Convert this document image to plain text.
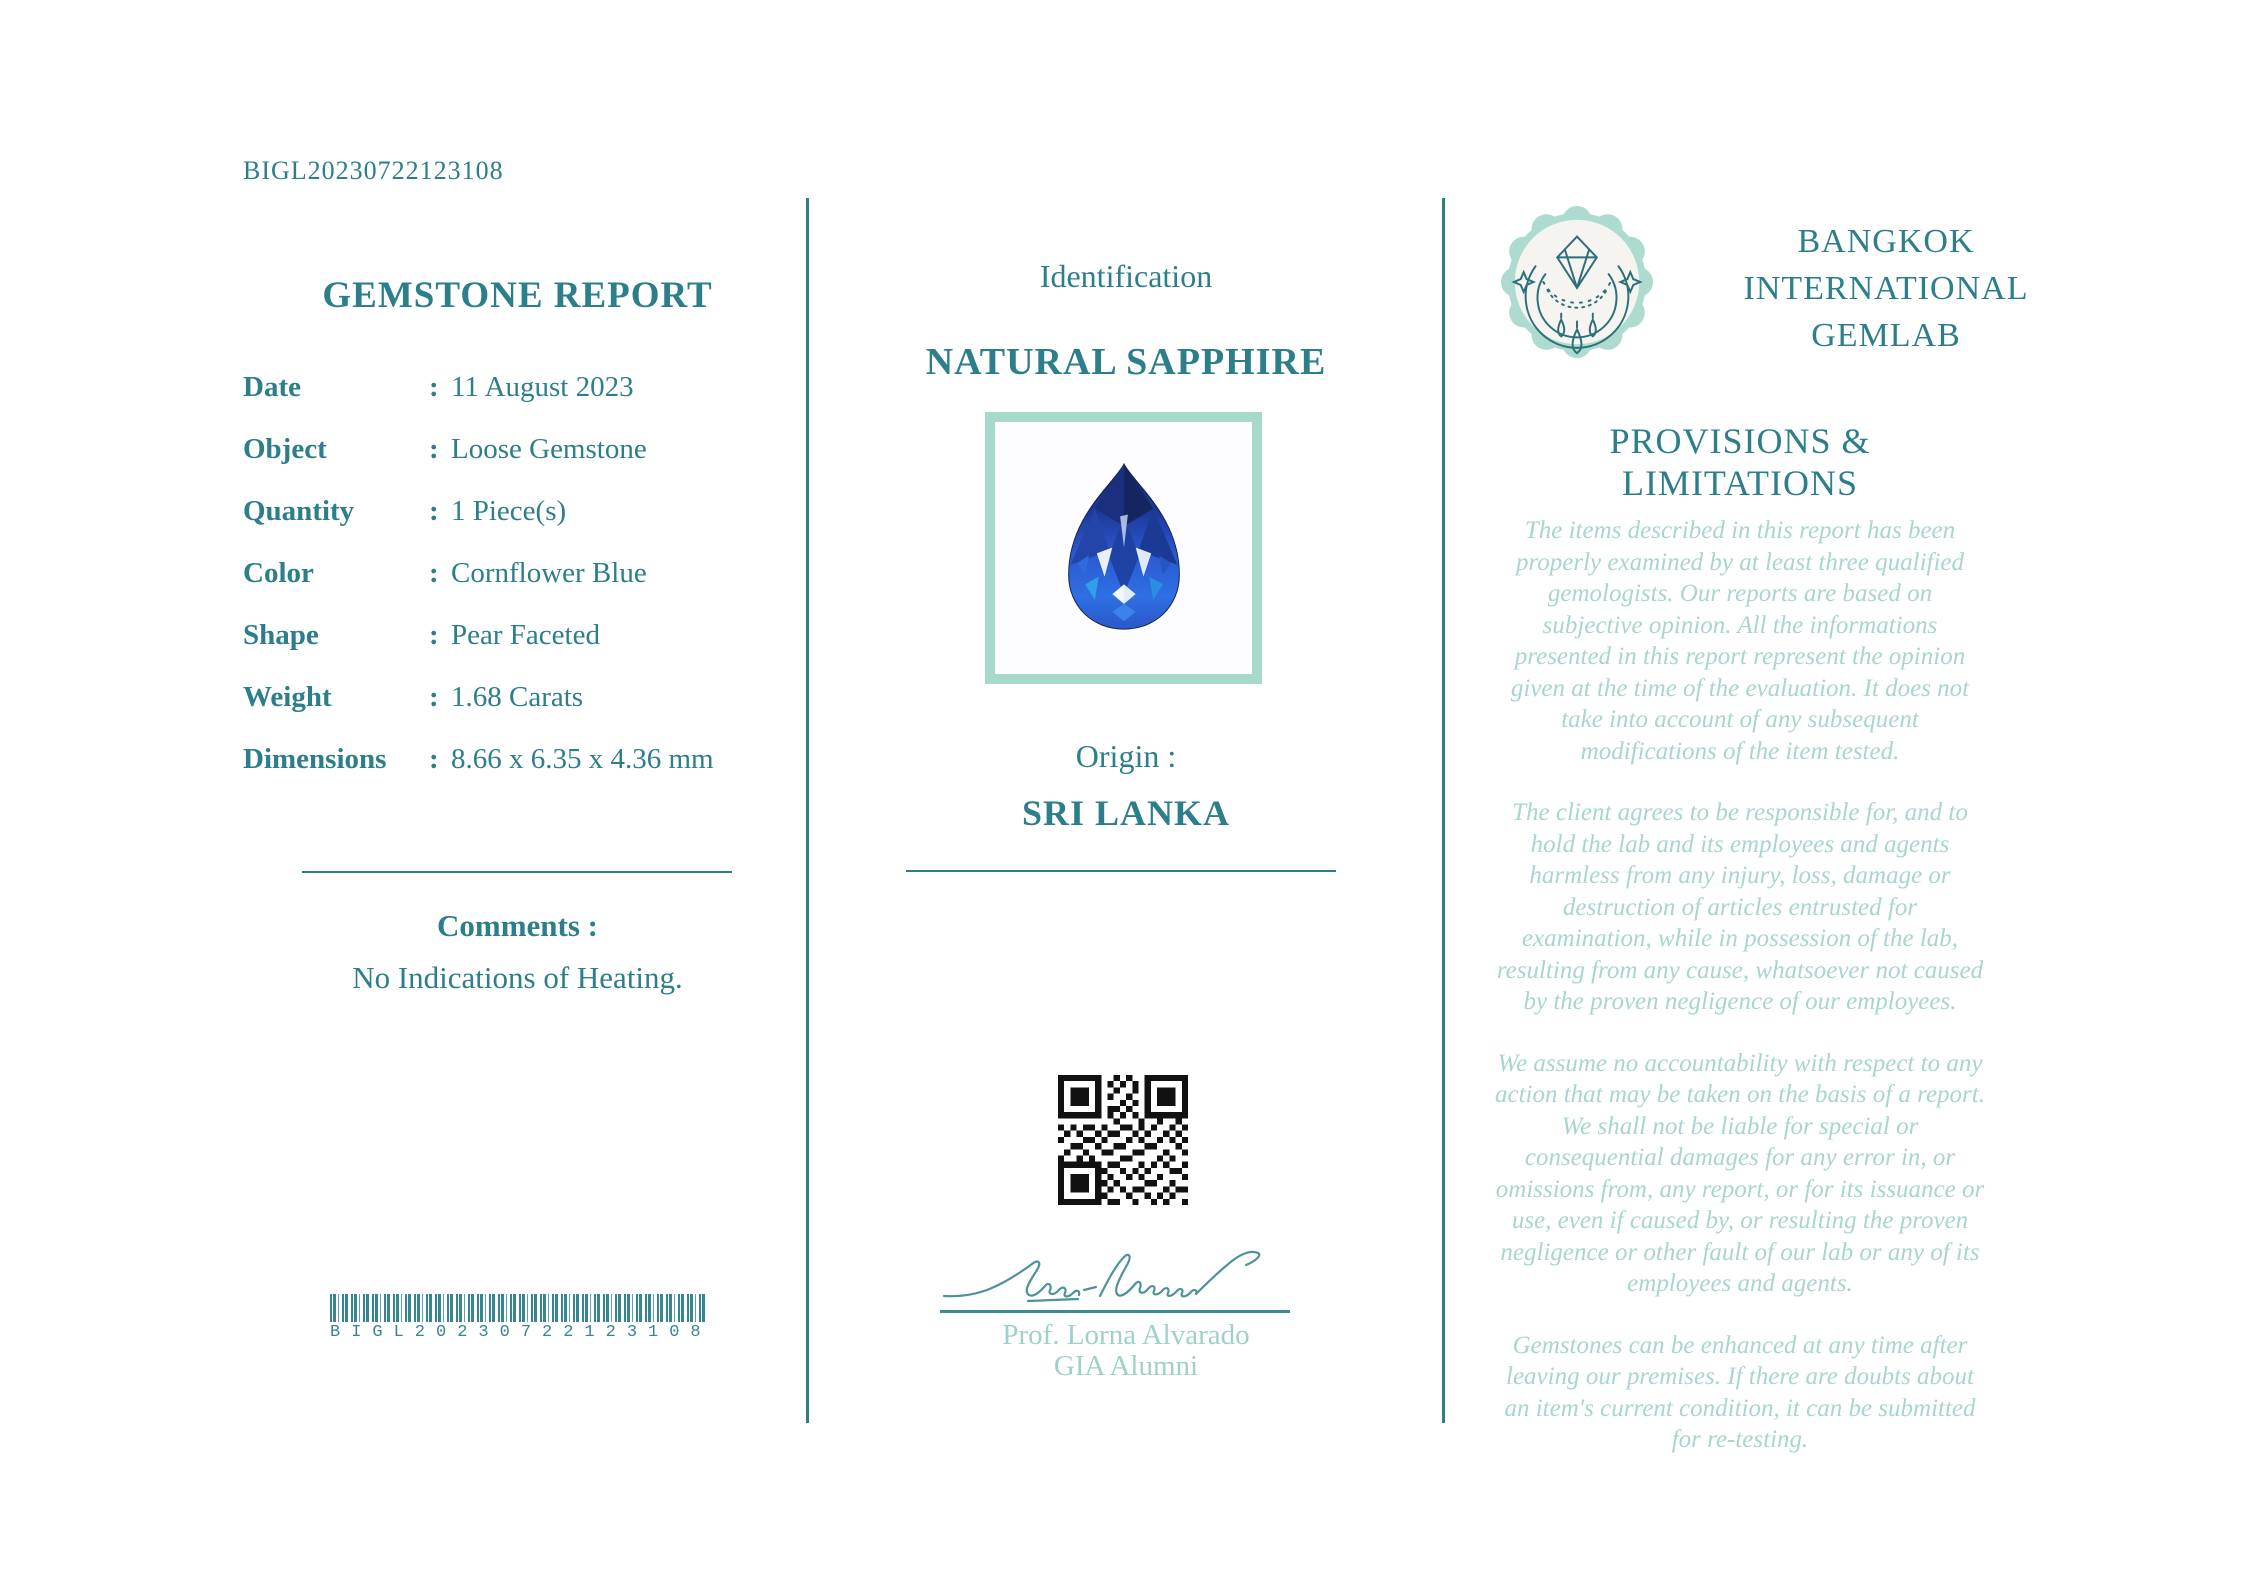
BIGL20230722123108
GEMSTONE REPORT
Date	: 11 August 2023
Object	: Loose Gemstone
Quantity	: 1 Piece(s)
Color	: Cornflower Blue
Shape	: Pear Faceted
Weight	: 1.68 Carats
Dimensions	: 8.66 x 6.35 x 4.36 mm
Comments :
No Indications of Heating.
BIGL20230722123108
Identification
NATURAL SAPPHIRE
Origin :
SRI LANKA
Prof. Lorna Alvarado
GIA Alumni
BANGKOK
INTERNATIONAL
GEMLAB
PROVISIONS & LIMITATIONS

The items described in this report has been properly examined by at least three qualified gemologists. Our reports are based on subjective opinion. All the informations presented in this report represent the opinion given at the time of the evaluation. It does not take into account of any subsequent modifications of the item tested.

The client agrees to be responsible for, and to hold the lab and its employees and agents harmless from any injury, loss, damage or destruction of articles entrusted for examination, while in possession of the lab, resulting from any cause, whatsoever not caused by the proven negligence of our employees.

We assume no accountability with respect to any action that may be taken on the basis of a report. We shall not be liable for special or consequential damages for any error in, or omissions from, any report, or for its issuance or use, even if caused by, or resulting the proven negligence or other fault of our lab or any of its employees and agents.

Gemstones can be enhanced at any time after leaving our premises. If there are doubts about an item's current condition, it can be submitted for re-testing.
